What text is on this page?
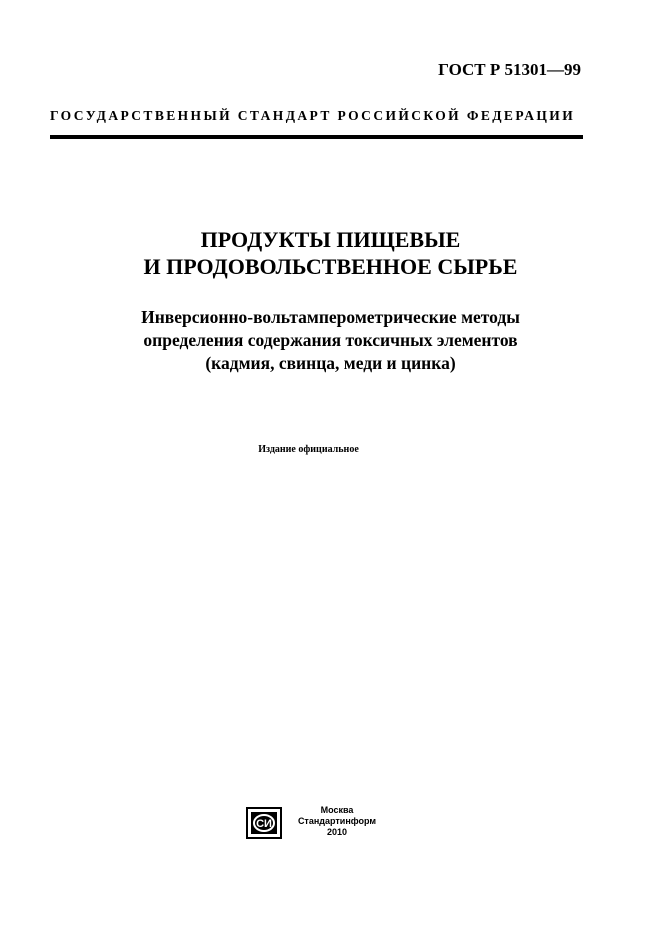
ГОСТ Р 51301—99
ГОСУДАРСТВЕННЫЙ СТАНДАРТ РОССИЙСКОЙ ФЕДЕРАЦИИ
ПРОДУКТЫ ПИЩЕВЫЕ
И ПРОДОВОЛЬСТВЕННОЕ СЫРЬЕ
Инверсионно-вольтамперометрические методы
определения содержания токсичных элементов
(кадмия, свинца, меди и цинка)
Издание официальное
СИ
Москва
Стандартинформ
2010
